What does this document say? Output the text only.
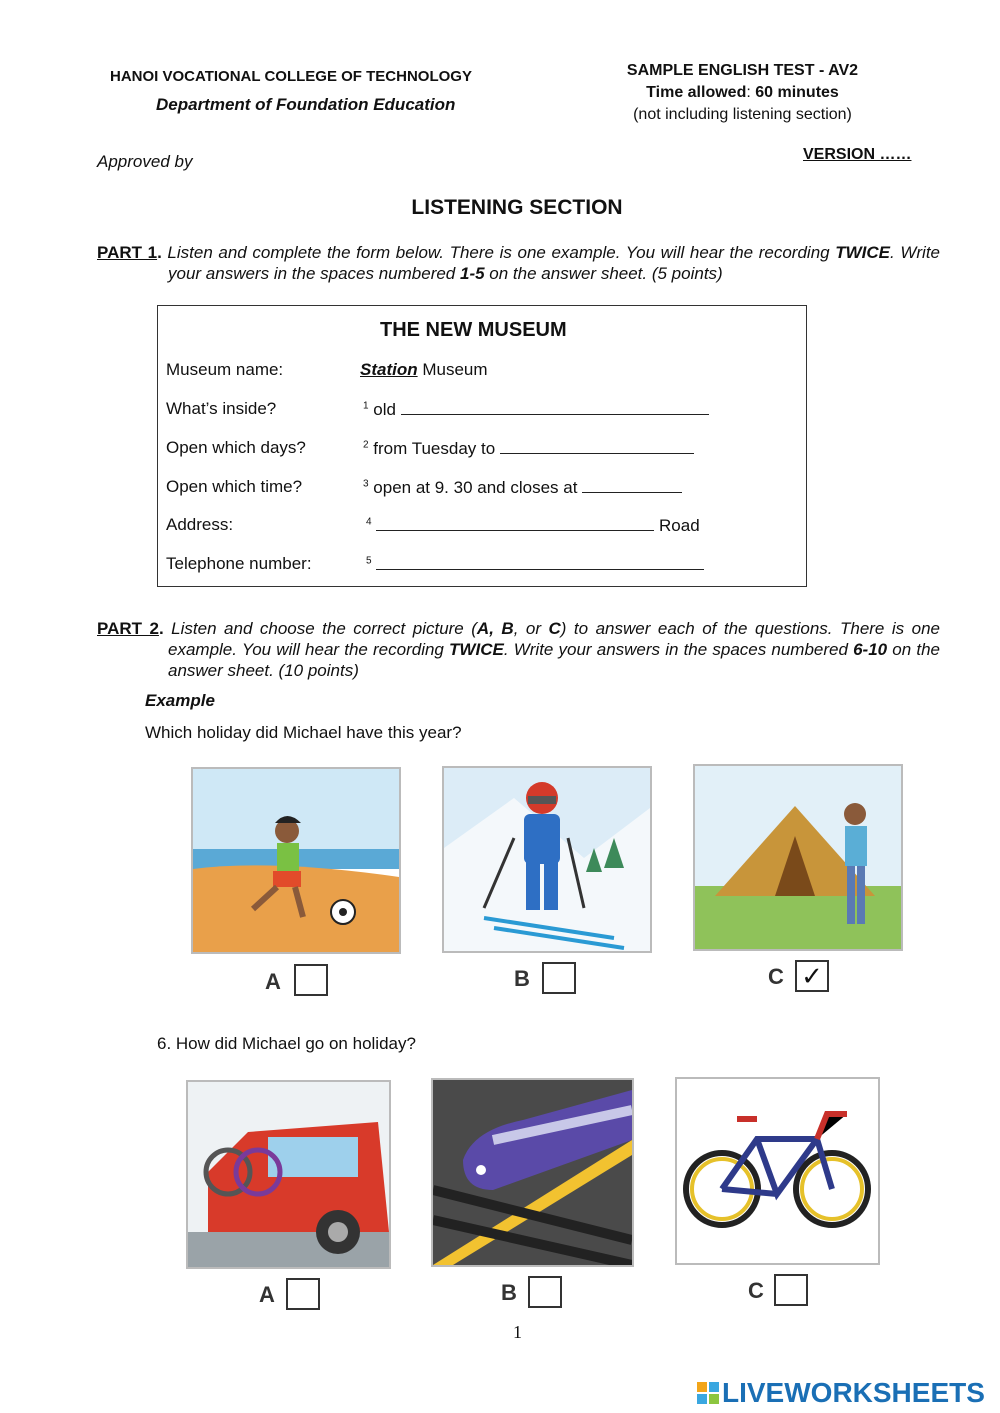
HANOI VOCATIONAL COLLEGE OF TECHNOLOGY
Department of Foundation Education
Approved by
SAMPLE ENGLISH TEST - AV2
Time allowed: 60 minutes
(not including listening section)
VERSION ……
LISTENING SECTION
PART 1. Listen and complete the form below. There is one example. You will hear the recording TWICE. Write your answers in the spaces numbered 1-5 on the answer sheet. (5 points)
THE NEW MUSEUM
Museum name:	Station Museum
What’s inside?	$^1$ old
Open which days?	$^2$ from Tuesday to
Open which time?	$^3$ open at 9. 30 and closes at
Address:	$^4$	Road
Telephone number:	$^5$
PART 2. Listen and choose the correct picture (A, B, or C) to answer each of the questions. There is one example. You will hear the recording TWICE. Write your answers in the spaces numbered 6-10 on the answer sheet. (10 points)
Example
Which holiday did Michael have this year?
A	B	C ✓
6. How did Michael go on holiday?
A	B	C
1
LIVEWORKSHEETS
